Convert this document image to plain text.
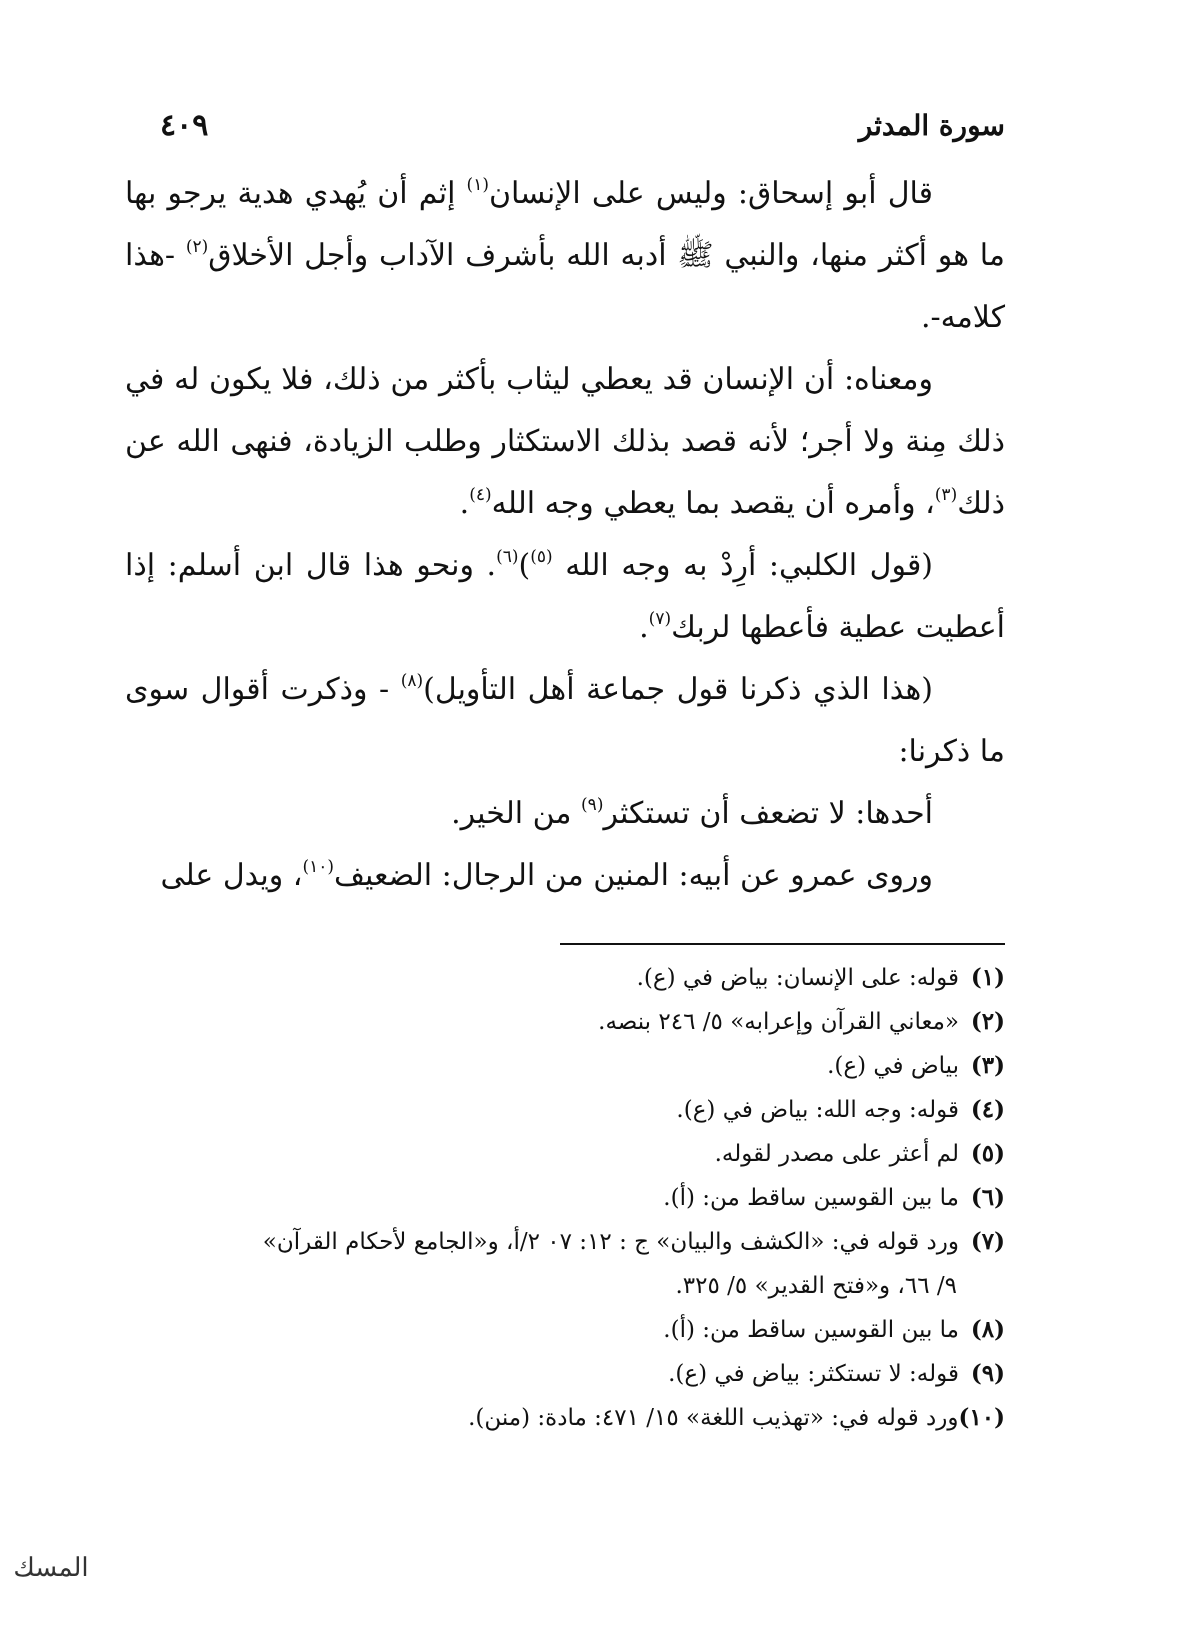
سورة المدثر
٤٠٩

قال أبو إسحاق: وليس على الإنسان$^{(١)}$ إثم أن يُهدي هدية يرجو بها ما هو أكثر منها، والنبي ﷺ أدبه الله بأشرف الآداب وأجل الأخلاق$^{(٢)}$ -هذا كلامه-.

ومعناه: أن الإنسان قد يعطي ليثاب بأكثر من ذلك، فلا يكون له في ذلك مِنة ولا أجر؛ لأنه قصد بذلك الاستكثار وطلب الزيادة، فنهى الله عن ذلك$^{(٣)}$، وأمره أن يقصد بما يعطي وجه الله$^{(٤)}$.

(قول الكلبي: أرِدْ به وجه الله $^{(٥)}$)$^{(٦)}$. ونحو هذا قال ابن أسلم: إذا أعطيت عطية فأعطها لربك$^{(٧)}$.

(هذا الذي ذكرنا قول جماعة أهل التأويل)$^{(٨)}$ - وذكرت أقوال سوى ما ذكرنا:

أحدها: لا تضعف أن تستكثر$^{(٩)}$ من الخير.

وروى عمرو عن أبيه: المنين من الرجال: الضعيف$^{(١٠)}$، ويدل على

(١)قوله: على الإنسان: بياض في (ع).
(٢)«معاني القرآن وإعرابه» ٥/ ٢٤٦ بنصه.
(٣)بياض في (ع).
(٤)قوله: وجه الله: بياض في (ع).
(٥)لم أعثر على مصدر لقوله.
(٦)ما بين القوسين ساقط من: (أ).
(٧)ورد قوله في: «الكشف والبيان» ج : ١٢: ٠٧ ٢/أ، و«الجامع لأحكام القرآن»
٩/ ٦٦، و«فتح القدير» ٥/ ٣٢٥.
(٨)ما بين القوسين ساقط من: (أ).
(٩)قوله: لا تستكثر: بياض في (ع).
(١٠)ورد قوله في: «تهذيب اللغة» ١٥/ ٤٧١: مادة: (منن).
المسك
